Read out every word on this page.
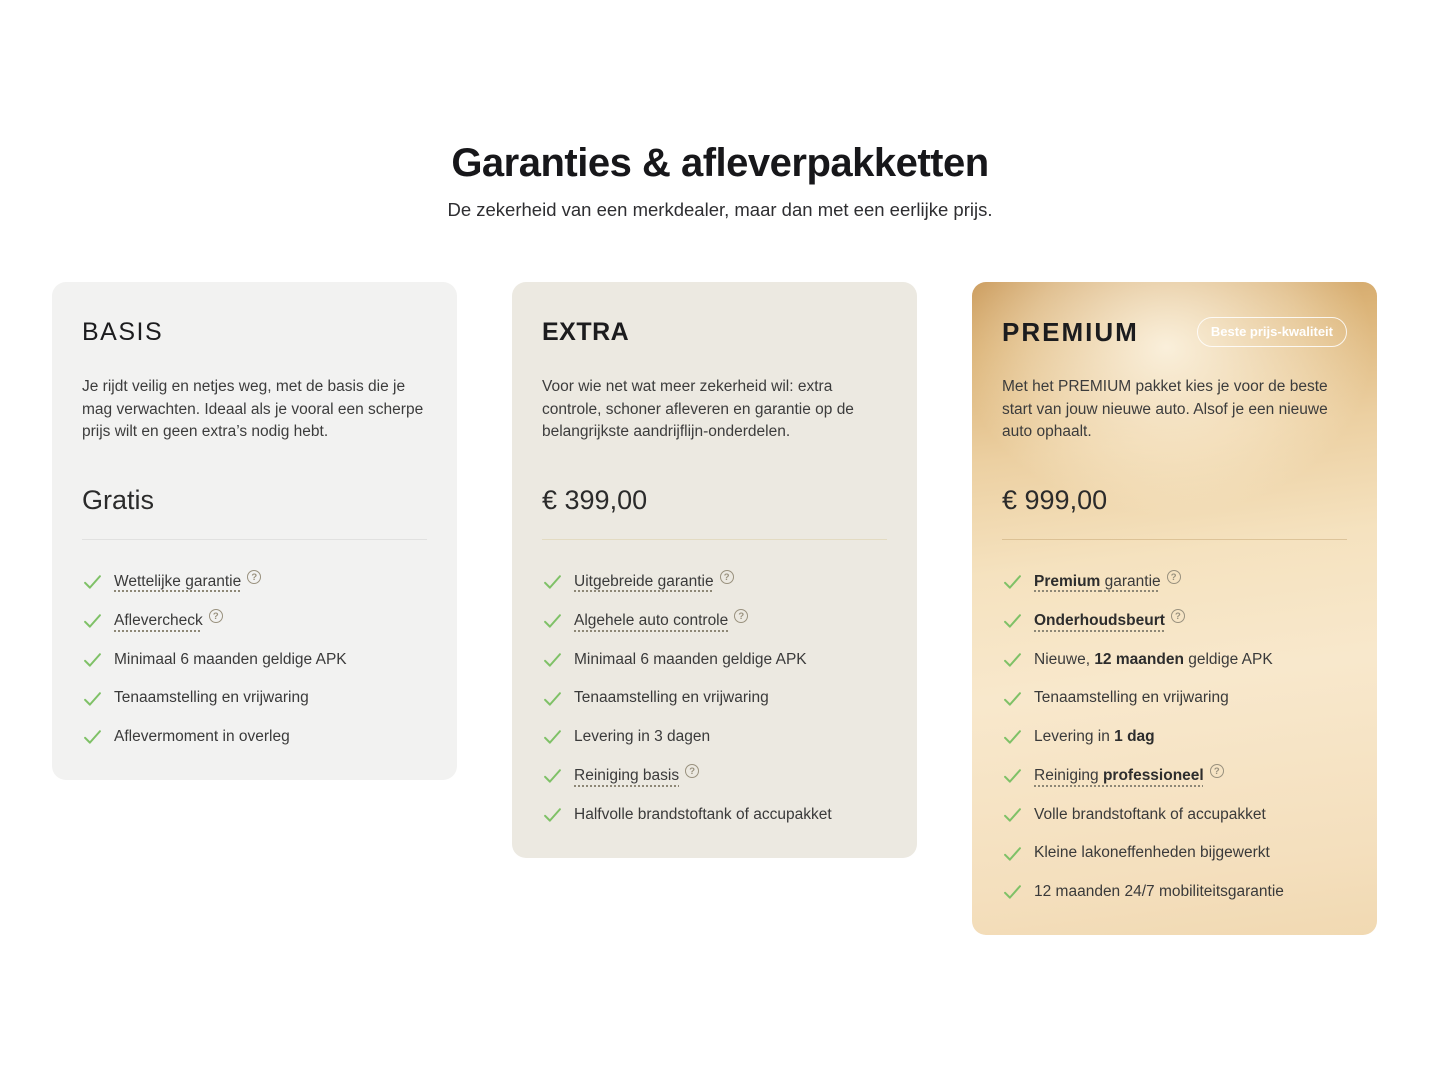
Garanties & afleverpakketten
De zekerheid van een merkdealer, maar dan met een eerlijke prijs.
BASIS
Je rijdt veilig en netjes weg, met de basis die je mag verwachten. Ideaal als je vooral een scherpe prijs wilt en geen extra’s nodig hebt.
Gratis
Wettelijke garantie ?
Aflevercheck ?
Minimaal 6 maanden geldige APK
Tenaamstelling en vrijwaring
Aflevermoment in overleg
EXTRA
Voor wie net wat meer zekerheid wil: extra controle, schoner afleveren en garantie op de belangrijkste aandrijflijn-onderdelen.
€ 399,00
Uitgebreide garantie ?
Algehele auto controle ?
Minimaal 6 maanden geldige APK
Tenaamstelling en vrijwaring
Levering in 3 dagen
Reiniging basis ?
Halfvolle brandstoftank of accupakket
PREMIUM	Beste prijs-kwaliteit
Met het PREMIUM pakket kies je voor de beste start van jouw nieuwe auto. Alsof je een nieuwe auto ophaalt.
€ 999,00
Premium garantie ?
Onderhoudsbeurt ?
Nieuwe, 12 maanden geldige APK
Tenaamstelling en vrijwaring
Levering in 1 dag
Reiniging professioneel ?
Volle brandstoftank of accupakket
Kleine lakoneffenheden bijgewerkt
12 maanden 24/7 mobiliteitsgarantie
